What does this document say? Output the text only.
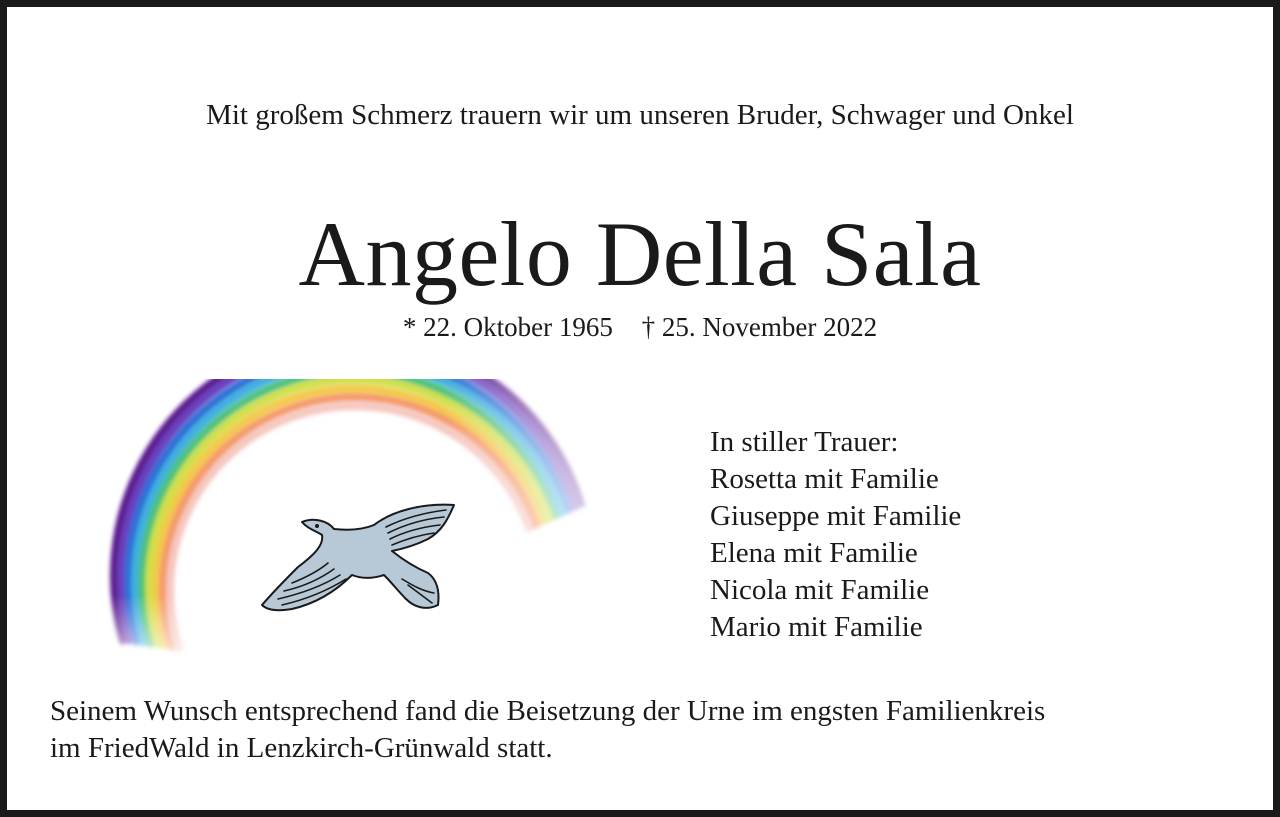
Mit großem Schmerz trauern wir um unseren Bruder, Schwager und Onkel
Angelo Della Sala
* 22. Oktober 1965 † 25. November 2022
In stiller Trauer:
Rosetta mit Familie
Giuseppe mit Familie
Elena mit Familie
Nicola mit Familie
Mario mit Familie
Seinem Wunsch entsprechend fand die Beisetzung der Urne im engsten Familienkreis
im FriedWald in Lenzkirch-Grünwald statt.
